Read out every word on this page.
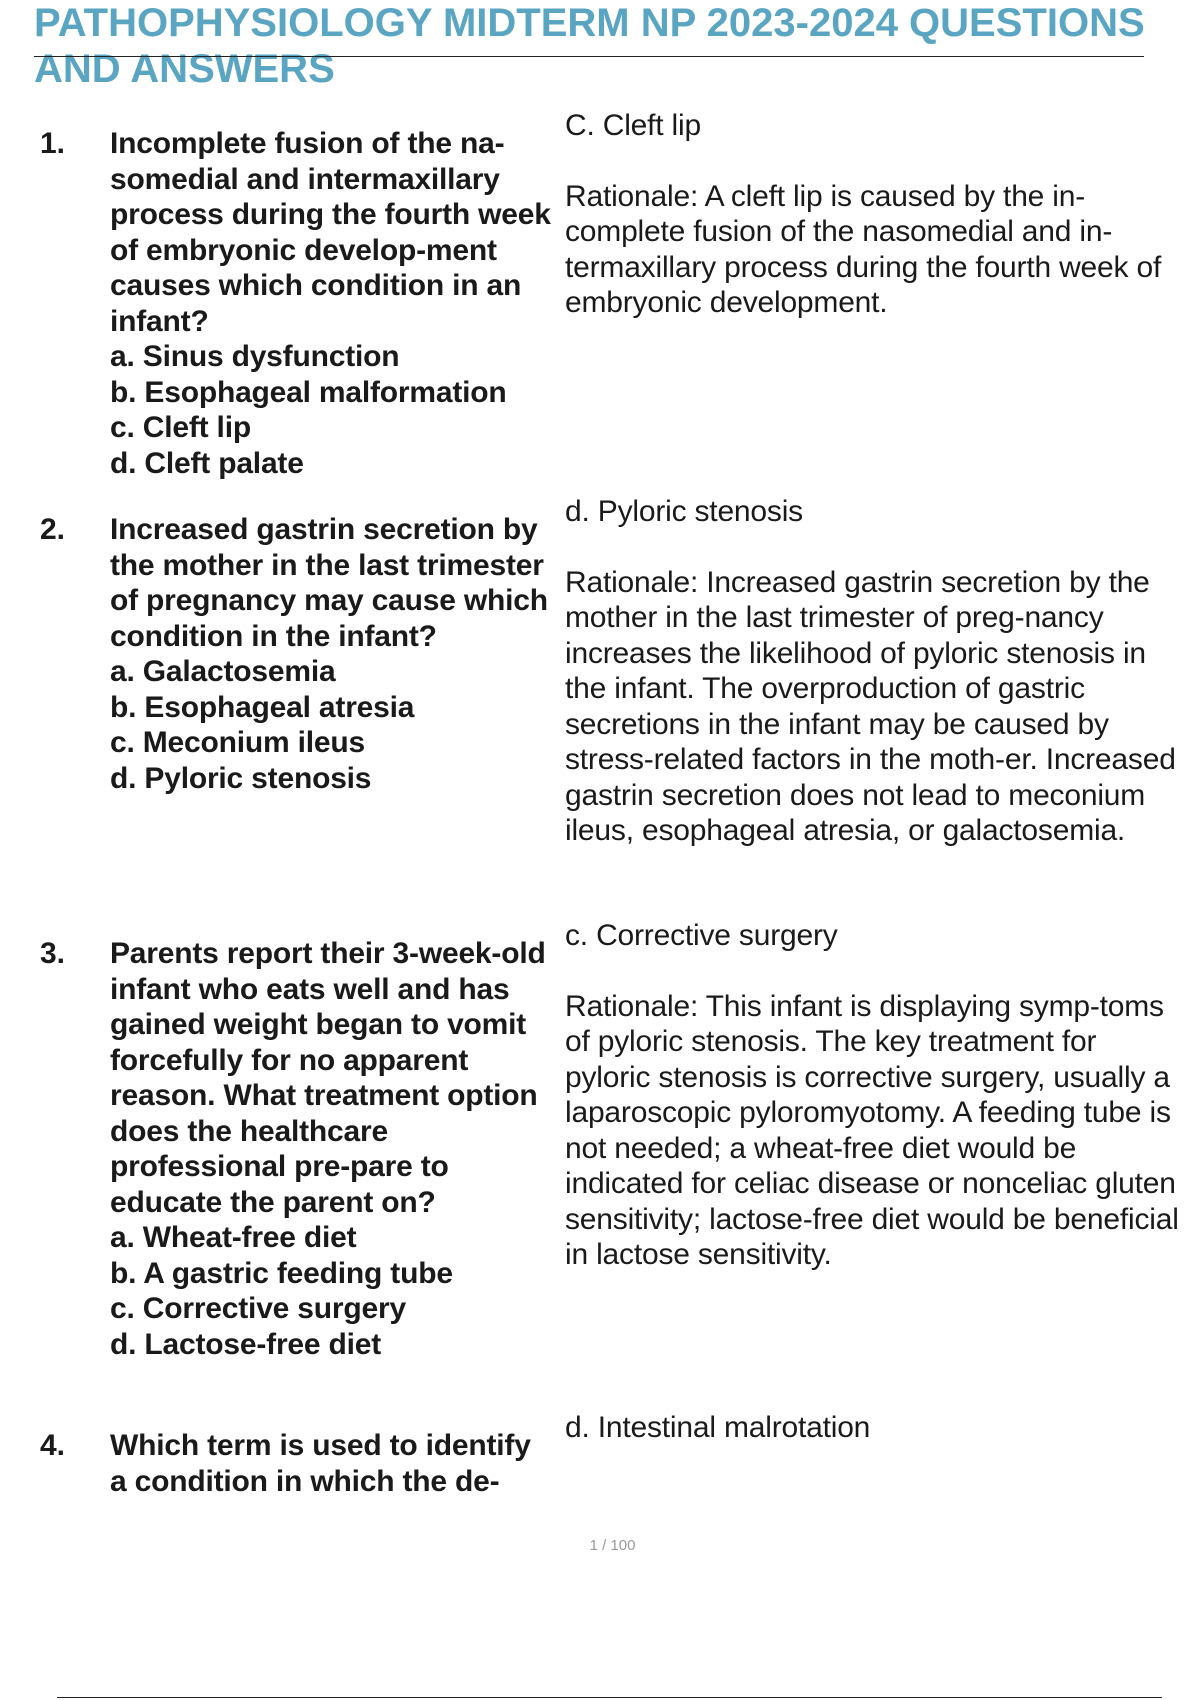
PATHOPHYSIOLOGY MIDTERM NP 2023-2024 QUESTIONS AND ANSWERS
1. Incomplete fusion of the na-somedial and intermaxillary process during the fourth week of embryonic develop-ment causes which condition in an infant?
a. Sinus dysfunction
b. Esophageal malformation
c. Cleft lip
d. Cleft palate
C. Cleft lip
Rationale: A cleft lip is caused by the in-complete fusion of the nasomedial and in-termaxillary process during the fourth week of embryonic development.
2. Increased gastrin secretion by the mother in the last trimester of pregnancy may cause which condition in the infant?
a. Galactosemia
b. Esophageal atresia
c. Meconium ileus
d. Pyloric stenosis
d. Pyloric stenosis
Rationale: Increased gastrin secretion by the mother in the last trimester of preg-nancy increases the likelihood of pyloric stenosis in the infant. The overproduction of gastric secretions in the infant may be caused by stress-related factors in the moth-er. Increased gastrin secretion does not lead to meconium ileus, esophageal atresia, or galactosemia.
3. Parents report their 3-week-old infant who eats well and has gained weight began to vomit forcefully for no apparent reason. What treatment option does the healthcare professional pre-pare to educate the parent on?
a. Wheat-free diet
b. A gastric feeding tube
c. Corrective surgery
d. Lactose-free diet
c. Corrective surgery
Rationale: This infant is displaying symp-toms of pyloric stenosis. The key treatment for pyloric stenosis is corrective surgery, usually a laparoscopic pyloromyotomy. A feeding tube is not needed; a wheat-free diet would be indicated for celiac disease or nonceliac gluten sensitivity; lactose-free diet would be beneficial in lactose sensitivity.
4. Which term is used to identify a condition in which the de-
d. Intestinal malrotation
1 / 100
